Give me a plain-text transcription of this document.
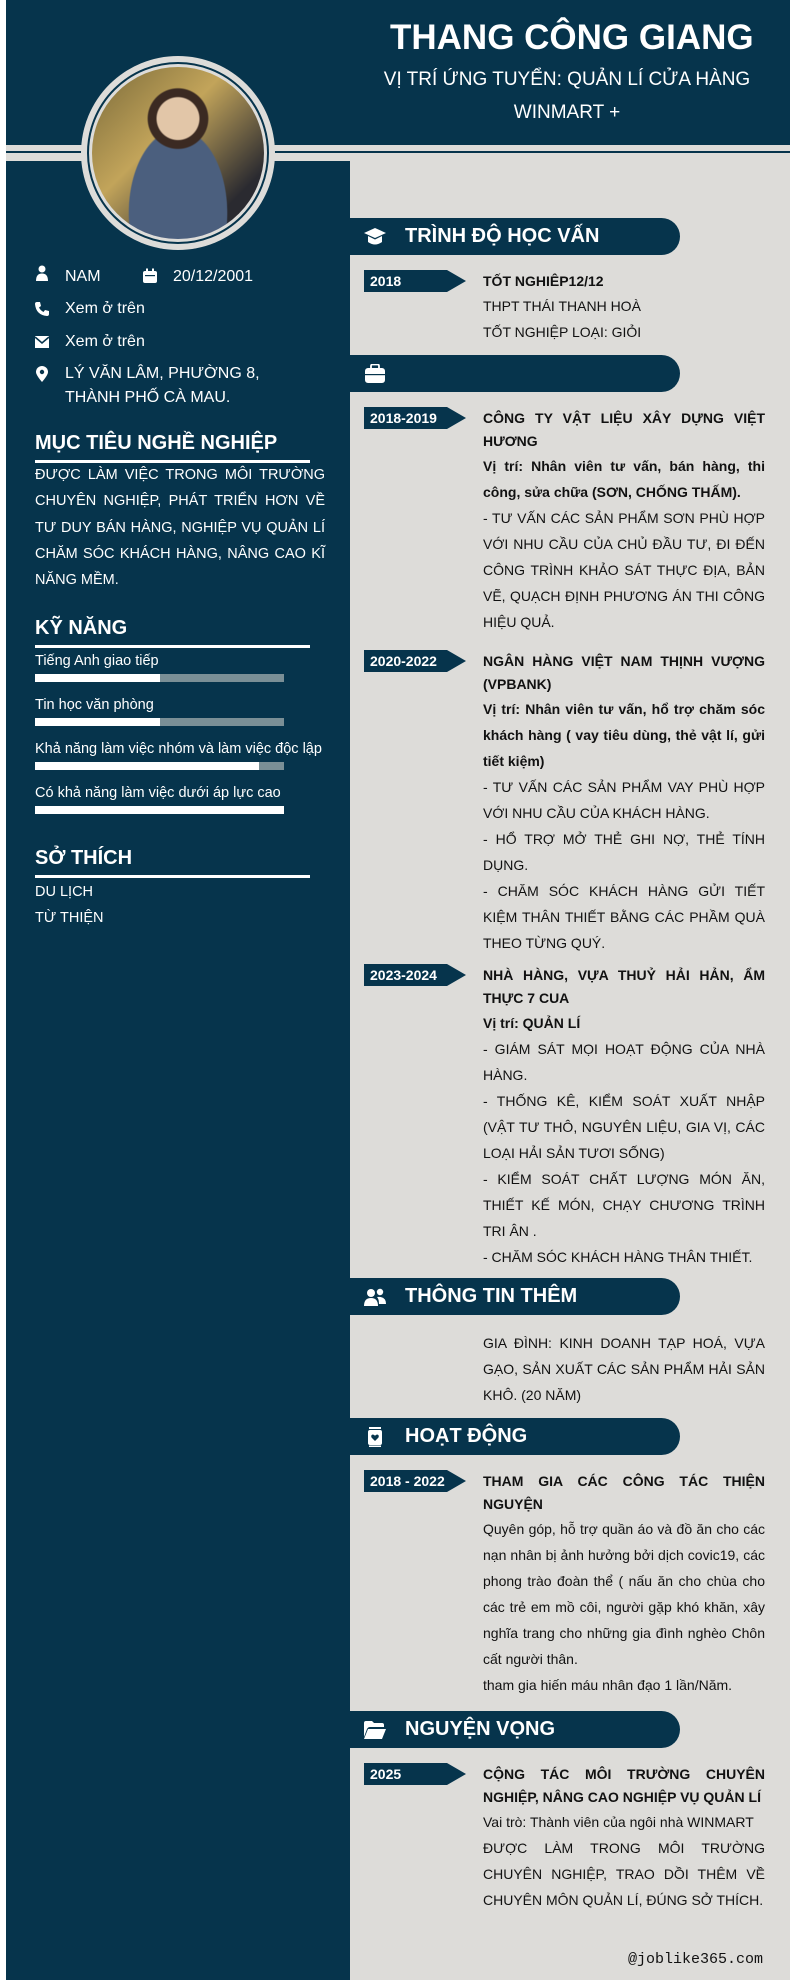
THANG CÔNG GIANG
VỊ TRÍ ỨNG TUYỂN: QUẢN LÍ CỬA HÀNG
WINMART +
NAM	20/12/2001
Xem ở trên
Xem ở trên
LÝ VĂN LÂM, PHƯỜNG 8, THÀNH PHỐ CÀ MAU.
MỤC TIÊU NGHỀ NGHIỆP
ĐƯỢC LÀM VIỆC TRONG MÔI TRƯỜNG CHUYÊN NGHIỆP, PHÁT TRIỂN HƠN VỀ TƯ DUY BÁN HÀNG, NGHIỆP VỤ QUẢN LÍ CHĂM SÓC KHÁCH HÀNG, NÂNG CAO KĨ NĂNG MỀM.
KỸ NĂNG
Tiếng Anh giao tiếp
Tin học văn phòng
Khả năng làm việc nhóm và làm việc độc lập
Có khả năng làm việc dưới áp lực cao
SỞ THÍCH
DU LỊCH
TỪ THIỆN
TRÌNH ĐỘ HỌC VẤN
2018	TỐT NGHIÊP12/12
THPT THÁI THANH HOÀ
TỐT NGHIỆP LOẠI: GIỎI
2018-2019	CÔNG TY VẬT LIỆU XÂY DỰNG VIỆT HƯƠNG
Vị trí: Nhân viên tư vấn, bán hàng, thi công, sửa chữa (SƠN, CHỐNG THẤM).
- TƯ VẤN CÁC SẢN PHẨM SƠN PHÙ HỢP VỚI NHU CẦU CỦA CHỦ ĐẦU TƯ, ĐI ĐẾN CÔNG TRÌNH KHẢO SÁT THỰC ĐỊA, BẢN VẼ, QUẠCH ĐỊNH PHƯƠNG ÁN THI CÔNG HIỆU QUẢ.
2020-2022	NGÂN HÀNG VIỆT NAM THỊNH VƯỢNG (VPBANK)
Vị trí: Nhân viên tư vấn, hổ trợ chăm sóc khách hàng ( vay tiêu dùng, thẻ vật lí, gửi tiết kiệm)
- TƯ VẤN CÁC SẢN PHẨM VAY PHÙ HỢP VỚI NHU CẦU CỦA KHÁCH HÀNG.
- HỔ TRỢ MỞ THẺ GHI NỢ, THẺ TÍNH DỤNG.
- CHĂM SÓC KHÁCH HÀNG GỬI TIẾT KIỆM THÂN THIẾT BẰNG CÁC PHẦM QUÀ THEO TỪNG QUÝ.
2023-2024	NHÀ HÀNG, VỰA THUỶ HẢI HẢN, ẨM THỰC 7 CUA
Vị trí: QUẢN LÍ
- GIÁM SÁT MỌI HOẠT ĐỘNG CỦA NHÀ HÀNG.
- THỐNG KÊ, KIỂM SOÁT XUẤT NHẬP (VẬT TƯ THÔ, NGUYÊN LIỆU, GIA VỊ, CÁC LOẠI HẢI SẢN TƯƠI SỐNG)
- KIỂM SOÁT CHẤT LƯỢNG MÓN ĂN, THIẾT KẾ MÓN, CHẠY CHƯƠNG TRÌNH TRI ÂN .
- CHĂM SÓC KHÁCH HÀNG THÂN THIẾT.
THÔNG TIN THÊM
GIA ĐÌNH: KINH DOANH TẠP HOÁ, VỰA GẠO, SẢN XUẤT CÁC SẢN PHẨM HẢI SẢN KHÔ. (20 NĂM)
HOẠT ĐỘNG
2018 - 2022	THAM GIA CÁC CÔNG TÁC THIỆN NGUYỆN
Quyên góp, hỗ trợ quần áo và đồ ăn cho các nạn nhân bị ảnh hưởng bởi dịch covic19, các phong trào đoàn thể ( nấu ăn cho chùa cho các trẻ em mồ côi, người gặp khó khăn, xây nghĩa trang cho những gia đình nghèo Chôn cất người thân.
tham gia hiến máu nhân đạo 1 lần/Năm.
NGUYỆN VỌNG
2025	CỘNG TÁC MÔI TRƯỜNG CHUYÊN NGHIỆP, NÂNG CAO NGHIỆP VỤ QUẢN LÍ
Vai trò: Thành viên của ngôi nhà WINMART
ĐƯỢC LÀM TRONG MÔI TRƯỜNG CHUYÊN NGHIỆP, TRAO DỒI THÊM VỀ CHUYÊN MÔN QUẢN LÍ, ĐÚNG SỞ THÍCH.
@joblike365.com
